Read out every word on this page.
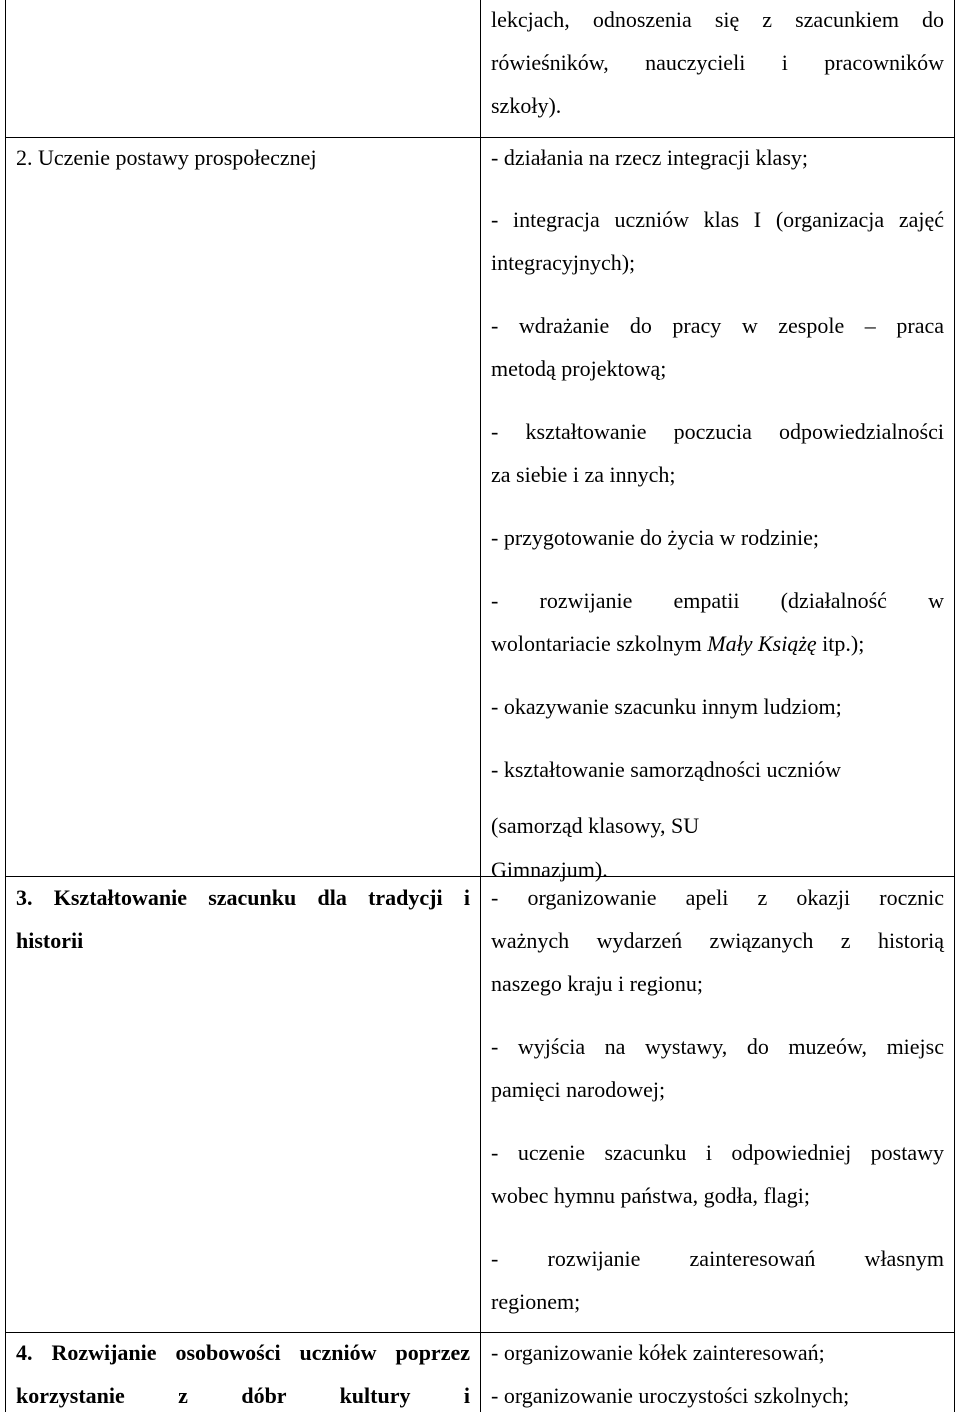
lekcjach, odnoszenia się z szacunkiem do
rówieśników, nauczycieli i pracowników
szkoły).
2. Uczenie postawy prospołecznej	- działania na rzecz integracji klasy;
- integracja uczniów klas I (organizacja zajęć
integracyjnych);
- wdrażanie do pracy w zespole – praca
metodą projektową;
- kształtowanie poczucia odpowiedzialności
za siebie i za innych;
- przygotowanie do życia w rodzinie;
- rozwijanie empatii (działalność w
wolontariacie szkolnym Mały Książę itp.);
- okazywanie szacunku innym ludziom;
- kształtowanie samorządności uczniów
(samorząd klasowy, SU
Gimnazjum).
3. Kształtowanie szacunku dla tradycji i
historii
- organizowanie apeli z okazji rocznic
ważnych wydarzeń związanych z historią
naszego kraju i regionu;
- wyjścia na wystawy, do muzeów, miejsc
pamięci narodowej;
- uczenie szacunku i odpowiedniej postawy
wobec hymnu państwa, godła, flagi;
- rozwijanie zainteresowań własnym
regionem;
4. Rozwijanie osobowości uczniów poprzez
korzystanie z dóbr kultury i
- organizowanie kółek zainteresowań;
- organizowanie uroczystości szkolnych;
